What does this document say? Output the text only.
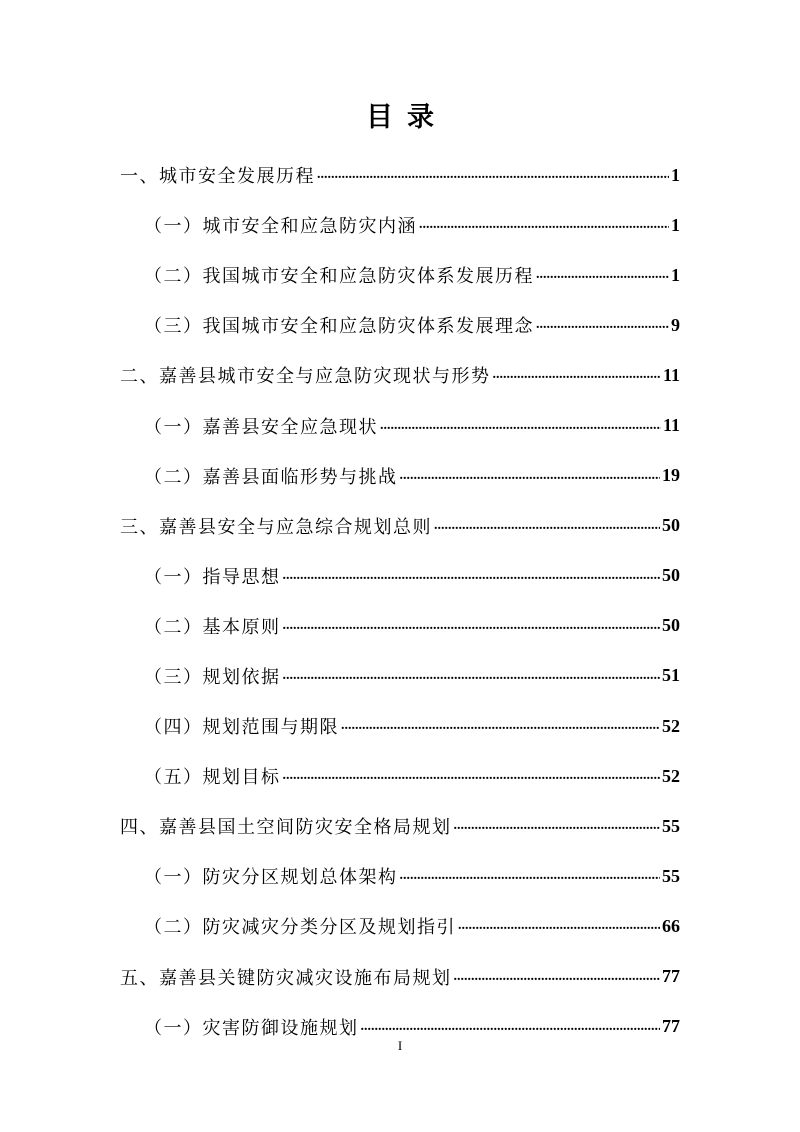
目录
一、城市安全发展历程 .....	1
（一）城市安全和应急防灾内涵 .....	1
（二）我国城市安全和应急防灾体系发展历程 .....	1
（三）我国城市安全和应急防灾体系发展理念 .....	9
二、嘉善县城市安全与应急防灾现状与形势 .....	11
（一）嘉善县安全应急现状 .....	11
（二）嘉善县面临形势与挑战 .....	19
三、嘉善县安全与应急综合规划总则 .....	50
（一）指导思想 .....	50
（二）基本原则 .....	50
（三）规划依据 .....	51
（四）规划范围与期限 .....	52
（五）规划目标 .....	52
四、嘉善县国土空间防灾安全格局规划 .....	55
（一）防灾分区规划总体架构 .....	55
（二）防灾减灾分类分区及规划指引 .....	66
五、嘉善县关键防灾减灾设施布局规划 .....	77
（一）灾害防御设施规划 .....	77
I
